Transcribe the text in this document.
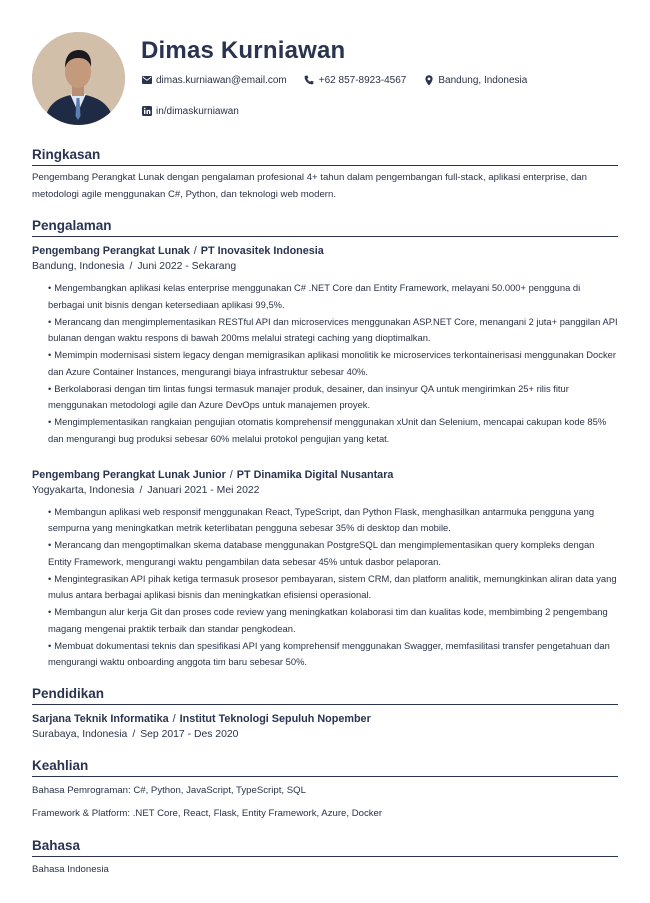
Dimas Kurniawan
dimas.kurniawan@email.com	+62 857-8923-4567	Bandung, Indonesia
in/dimaskurniawan
Ringkasan
Pengembang Perangkat Lunak dengan pengalaman profesional 4+ tahun dalam pengembangan full-stack, aplikasi enterprise, dan metodologi agile menggunakan C#, Python, dan teknologi web modern.
Pengalaman
Pengembang Perangkat Lunak / PT Inovasitek Indonesia
Bandung, Indonesia / Juni 2022 - Sekarang
• Mengembangkan aplikasi kelas enterprise menggunakan C# .NET Core dan Entity Framework, melayani 50.000+ pengguna di berbagai unit bisnis dengan ketersediaan aplikasi 99,5%.
• Merancang dan mengimplementasikan RESTful API dan microservices menggunakan ASP.NET Core, menangani 2 juta+ panggilan API bulanan dengan waktu respons di bawah 200ms melalui strategi caching yang dioptimalkan.
• Memimpin modernisasi sistem legacy dengan memigrasikan aplikasi monolitik ke microservices terkontainerisasi menggunakan Docker dan Azure Container Instances, mengurangi biaya infrastruktur sebesar 40%.
• Berkolaborasi dengan tim lintas fungsi termasuk manajer produk, desainer, dan insinyur QA untuk mengirimkan 25+ rilis fitur menggunakan metodologi agile dan Azure DevOps untuk manajemen proyek.
• Mengimplementasikan rangkaian pengujian otomatis komprehensif menggunakan xUnit dan Selenium, mencapai cakupan kode 85% dan mengurangi bug produksi sebesar 60% melalui protokol pengujian yang ketat.
Pengembang Perangkat Lunak Junior / PT Dinamika Digital Nusantara
Yogyakarta, Indonesia / Januari 2021 - Mei 2022
• Membangun aplikasi web responsif menggunakan React, TypeScript, dan Python Flask, menghasilkan antarmuka pengguna yang sempurna yang meningkatkan metrik keterlibatan pengguna sebesar 35% di desktop dan mobile.
• Merancang dan mengoptimalkan skema database menggunakan PostgreSQL dan mengimplementasikan query kompleks dengan Entity Framework, mengurangi waktu pengambilan data sebesar 45% untuk dasbor pelaporan.
• Mengintegrasikan API pihak ketiga termasuk prosesor pembayaran, sistem CRM, dan platform analitik, memungkinkan aliran data yang mulus antara berbagai aplikasi bisnis dan meningkatkan efisiensi operasional.
• Membangun alur kerja Git dan proses code review yang meningkatkan kolaborasi tim dan kualitas kode, membimbing 2 pengembang magang mengenai praktik terbaik dan standar pengkodean.
• Membuat dokumentasi teknis dan spesifikasi API yang komprehensif menggunakan Swagger, memfasilitasi transfer pengetahuan dan mengurangi waktu onboarding anggota tim baru sebesar 50%.
Pendidikan
Sarjana Teknik Informatika / Institut Teknologi Sepuluh Nopember
Surabaya, Indonesia / Sep 2017 - Des 2020
Keahlian
Bahasa Pemrograman: C#, Python, JavaScript, TypeScript, SQL
Framework & Platform: .NET Core, React, Flask, Entity Framework, Azure, Docker
Bahasa
Bahasa Indonesia
